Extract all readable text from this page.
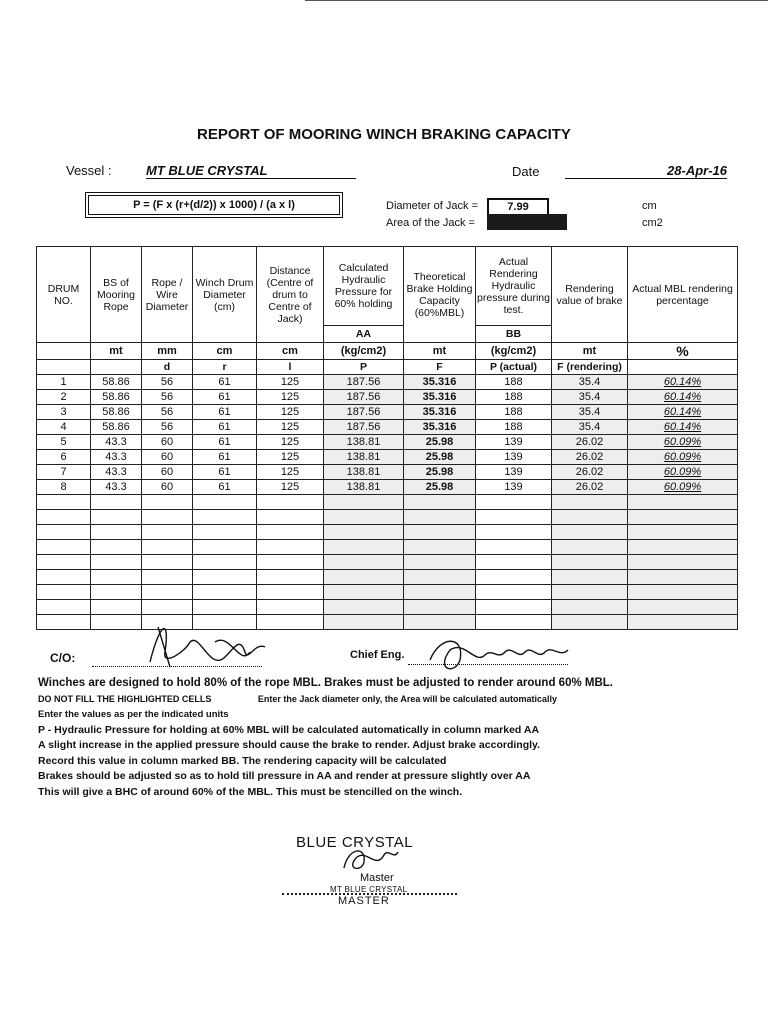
REPORT OF MOORING WINCH BRAKING CAPACITY
Vessel :	MT BLUE CRYSTAL	Date	28-Apr-16
P = (F x (r+(d/2)) x 1000) / (a x l)	Diameter of Jack =	7.99	cm
Area of the Jack =	cm2
DRUM NO.	BS of Mooring Rope	Rope / Wire Diameter	Winch Drum Diameter (cm)	Distance (Centre of drum to Centre of Jack)	Calculated Hydraulic Pressure for 60% holding	Theoretical Brake Holding Capacity (60%MBL)	Actual Rendering Hydraulic pressure during test.	Rendering value of brake	Actual MBL rendering percentage
					AA		BB		
	mt	mm	cm	cm	(kg/cm2)	mt	(kg/cm2)	mt	%
		d	r	l	P	F	P (actual)	F (rendering)	
1	58.86	56	61	125	187.56	35.316	188	35.4	60.14%
2	58.86	56	61	125	187.56	35.316	188	35.4	60.14%
3	58.86	56	61	125	187.56	35.316	188	35.4	60.14%
4	58.86	56	61	125	187.56	35.316	188	35.4	60.14%
5	43.3	60	61	125	138.81	25.98	139	26.02	60.09%
6	43.3	60	61	125	138.81	25.98	139	26.02	60.09%
7	43.3	60	61	125	138.81	25.98	139	26.02	60.09%
8	43.3	60	61	125	138.81	25.98	139	26.02	60.09%

C/O:	Chief Eng.
Winches are designed to hold 80% of the rope MBL. Brakes must be adjusted to render around 60% MBL.
DO NOT FILL THE HIGHLIGHTED CELLS	Enter the Jack diameter only, the Area will be calculated automatically
Enter the values as per the indicated units
P - Hydraulic Pressure for holding at 60% MBL will be calculated automatically in column marked AA
A slight increase in the applied pressure should cause the brake to render. Adjust brake accordingly.
Record this value in column marked BB. The rendering capacity will be calculated
Brakes should be adjusted so as to hold till pressure in AA and render at pressure slightly over AA
This will give a BHC of around 60% of the MBL. This must be stencilled on the winch.
BLUE CRYSTAL
Master
MT BLUE CRYSTAL
MASTER
